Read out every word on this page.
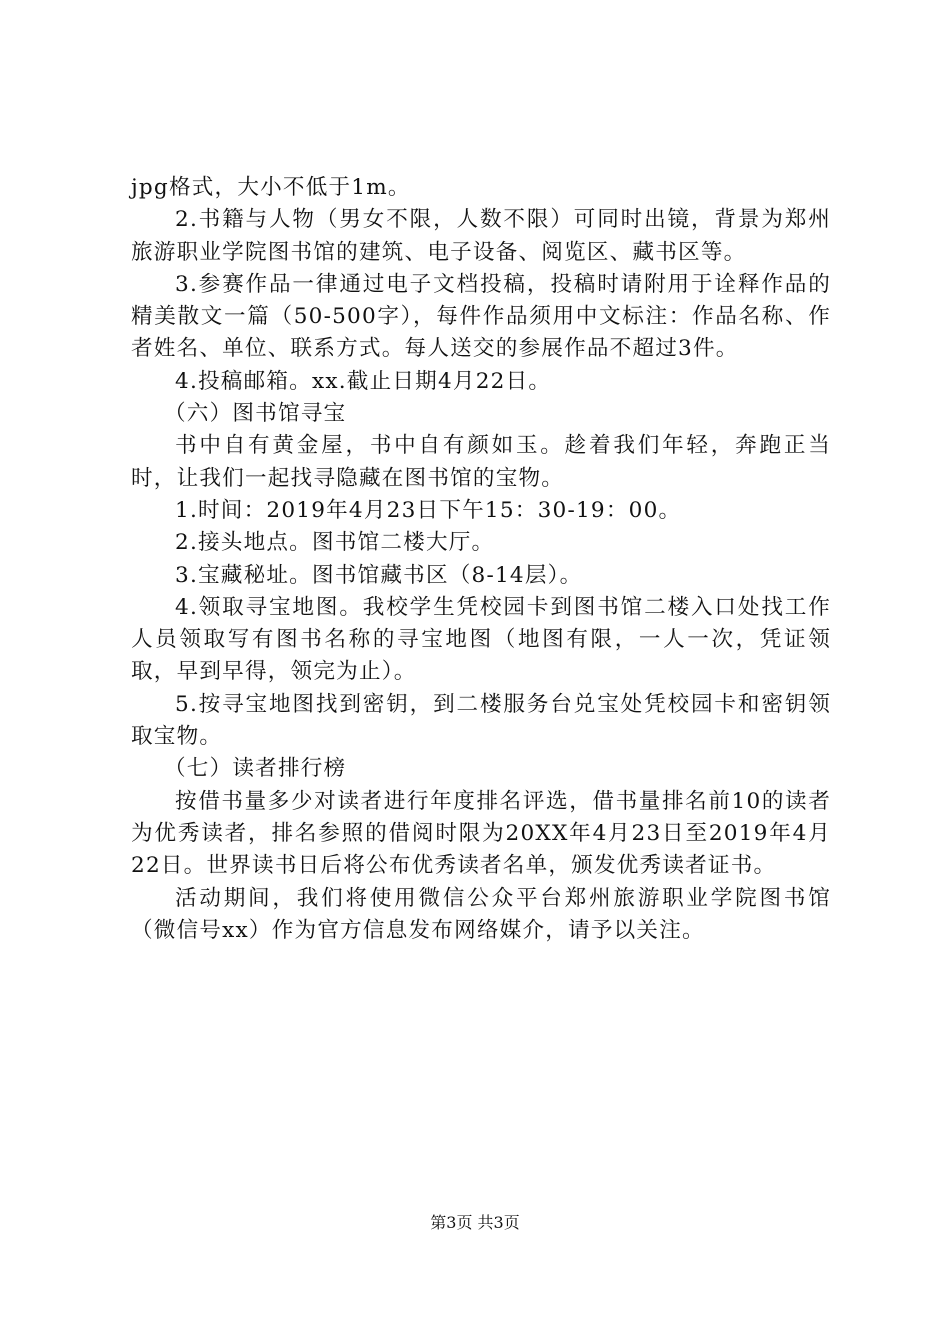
jpg格式，大小不低于1m。

2.书籍与人物（男女不限，人数不限）可同时出镜，背景为郑州旅游职业学院图书馆的建筑、电子设备、阅览区、藏书区等。

3.参赛作品一律通过电子文档投稿，投稿时请附用于诠释作品的精美散文一篇（50-500字），每件作品须用中文标注：作品名称、作者姓名、单位、联系方式。每人送交的参展作品不超过3件。

4.投稿邮箱。xx.截止日期4月22日。

（六）图书馆寻宝

书中自有黄金屋，书中自有颜如玉。趁着我们年轻，奔跑正当时，让我们一起找寻隐藏在图书馆的宝物。

1.时间：2019年4月23日下午15：30-19：00。

2.接头地点。图书馆二楼大厅。

3.宝藏秘址。图书馆藏书区（8-14层）。

4.领取寻宝地图。我校学生凭校园卡到图书馆二楼入口处找工作人员领取写有图书名称的寻宝地图（地图有限，一人一次，凭证领取，早到早得，领完为止）。

5.按寻宝地图找到密钥，到二楼服务台兑宝处凭校园卡和密钥领取宝物。

（七）读者排行榜

按借书量多少对读者进行年度排名评选，借书量排名前10的读者为优秀读者，排名参照的借阅时限为20XX年4月23日至2019年4月22日。世界读书日后将公布优秀读者名单，颁发优秀读者证书。

活动期间，我们将使用微信公众平台郑州旅游职业学院图书馆（微信号xx）作为官方信息发布网络媒介，请予以关注。

第3页 共3页
